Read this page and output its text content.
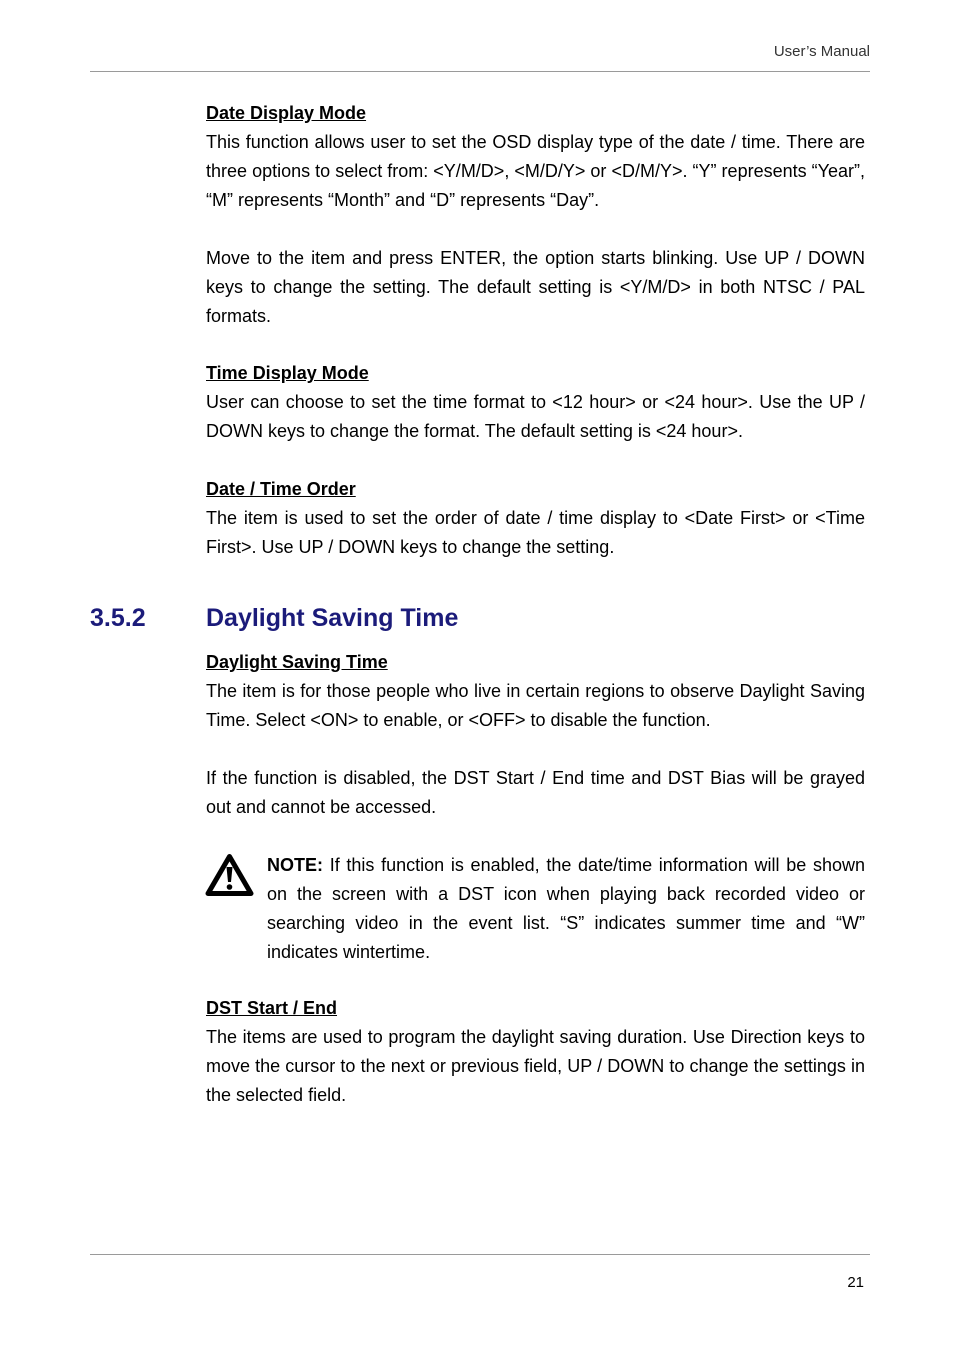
User’s Manual
Date Display Mode

This function allows user to set the OSD display type of the date / time. There are three options to select from: <Y/M/D>, <M/D/Y> or <D/M/Y>. “Y” represents “Year”, “M” represents “Month” and “D” represents “Day”.

Move to the item and press ENTER, the option starts blinking. Use UP / DOWN keys to change the setting. The default setting is <Y/M/D> in both NTSC / PAL formats.

Time Display Mode

User can choose to set the time format to <12 hour> or <24 hour>. Use the UP / DOWN keys to change the format. The default setting is <24 hour>.

Date / Time Order

The item is used to set the order of date / time display to <Date First> or <Time First>. Use UP / DOWN keys to change the setting.

3.5.2 Daylight Saving Time
Daylight Saving Time

The item is for those people who live in certain regions to observe Daylight Saving Time. Select <ON> to enable, or <OFF> to disable the function.

If the function is disabled, the DST Start / End time and DST Bias will be grayed out and cannot be accessed.

NOTE: If this function is enabled, the date/time information will be shown on the screen with a DST icon when playing back recorded video or searching video in the event list. “S” indicates summer time and “W” indicates wintertime.

DST Start / End

The items are used to program the daylight saving duration. Use Direction keys to move the cursor to the next or previous field, UP / DOWN to change the settings in the selected field.

21
